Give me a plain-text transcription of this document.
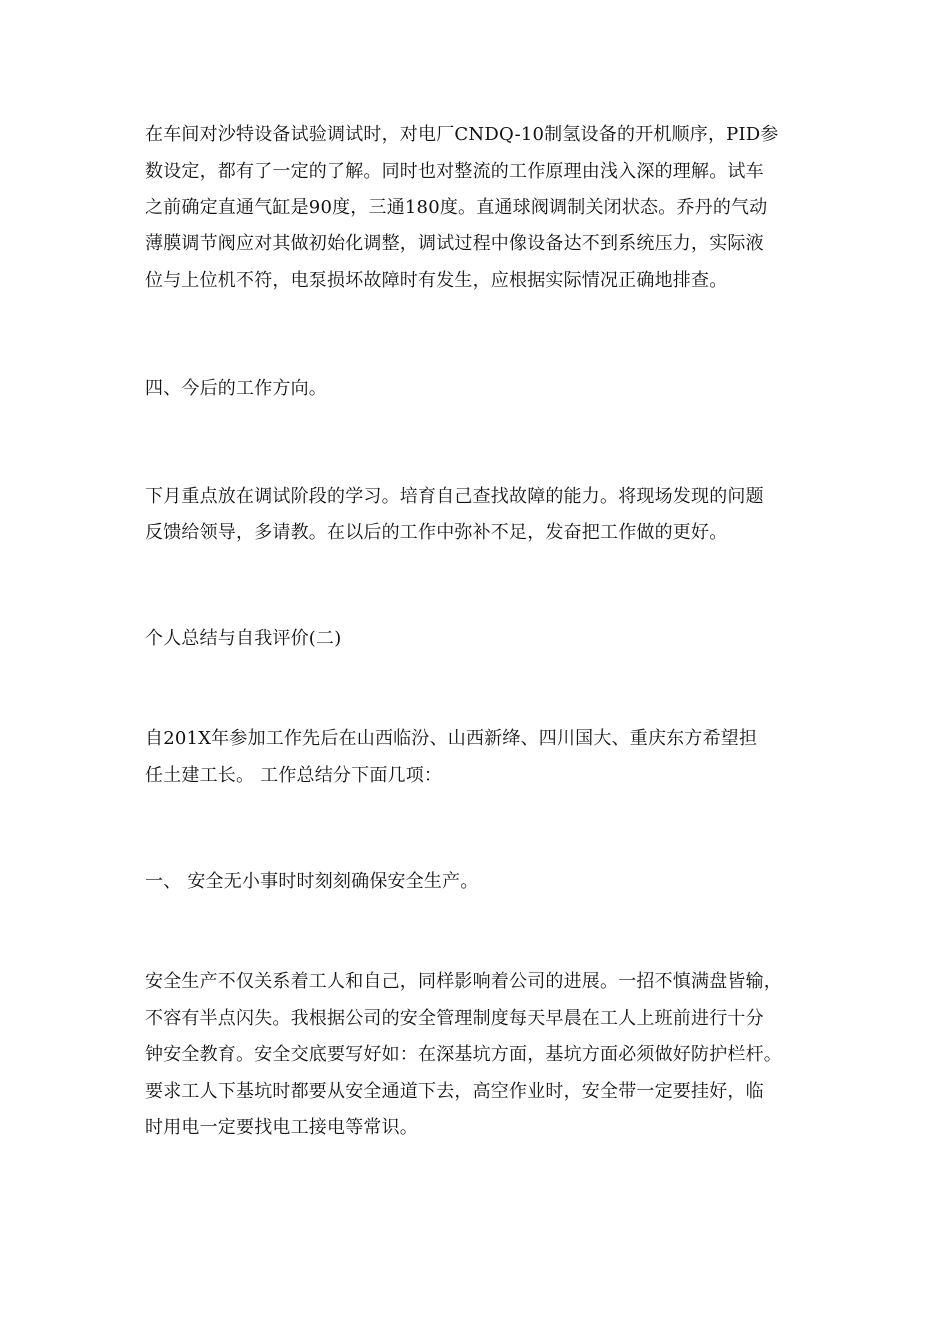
在车间对沙特设备试验调试时，对电厂CNDQ-10制氢设备的开机顺序，PID参
数设定，都有了一定的了解。同时也对整流的工作原理由浅入深的理解。试车
之前确定直通气缸是90度，三通180度。直通球阀调制关闭状态。乔丹的气动
薄膜调节阀应对其做初始化调整，调试过程中像设备达不到系统压力，实际液
位与上位机不符，电泵损坏故障时有发生，应根据实际情况正确地排查。
四、今后的工作方向。
下月重点放在调试阶段的学习。培育自己查找故障的能力。将现场发现的问题
反馈给领导，多请教。在以后的工作中弥补不足，发奋把工作做的更好。
个人总结与自我评价(二)
自201X年参加工作先后在山西临汾、山西新绛、四川国大、重庆东方希望担
任土建工长。 工作总结分下面几项：
一、 安全无小事时时刻刻确保安全生产。
安全生产不仅关系着工人和自己，同样影响着公司的进展。一招不慎满盘皆输，
不容有半点闪失。我根据公司的安全管理制度每天早晨在工人上班前进行十分
钟安全教育。安全交底要写好如：在深基坑方面，基坑方面必须做好防护栏杆。
要求工人下基坑时都要从安全通道下去，高空作业时，安全带一定要挂好，临
时用电一定要找电工接电等常识。
